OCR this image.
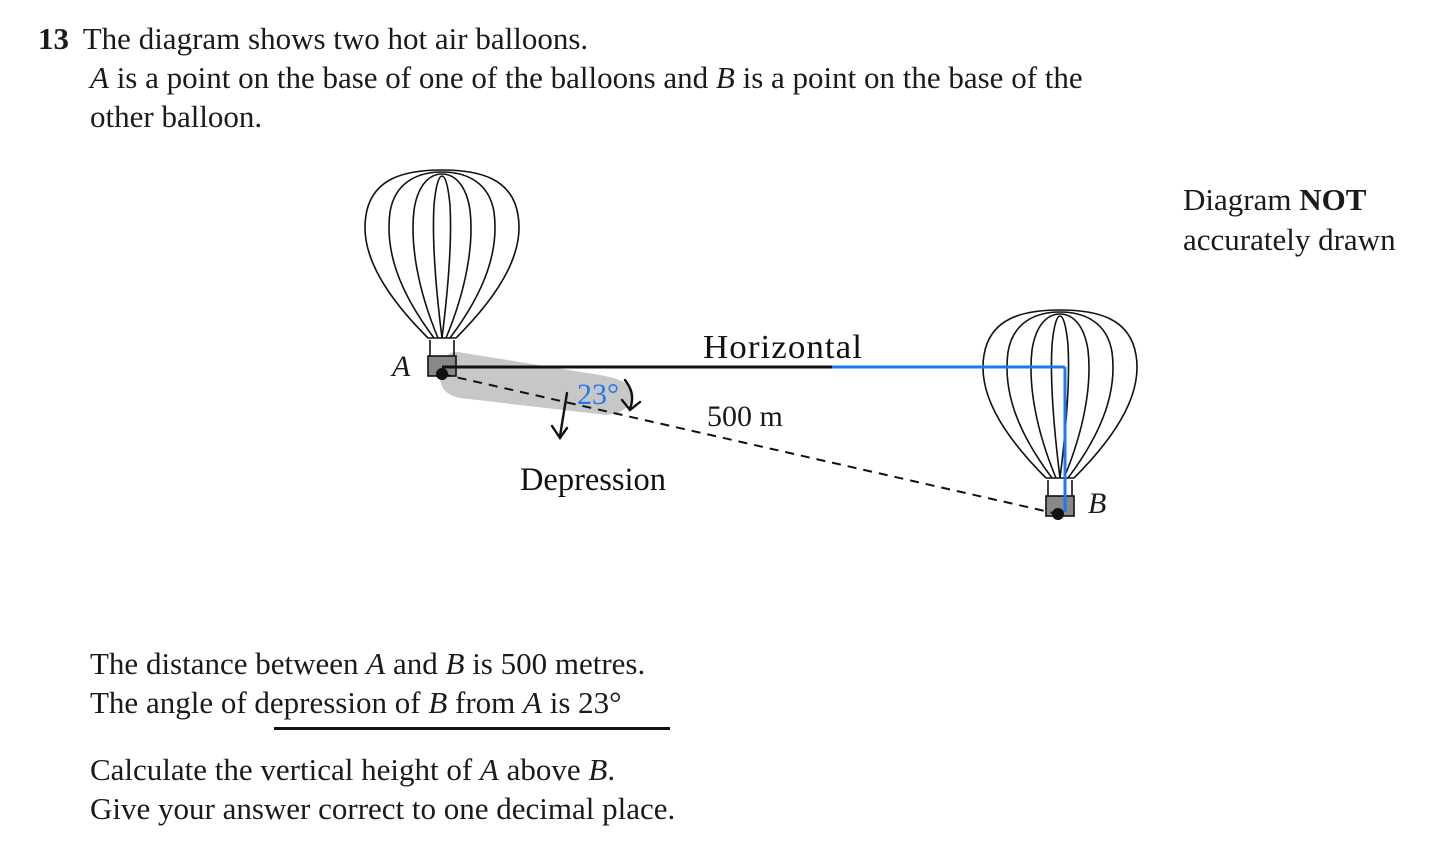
13 The diagram shows two hot air balloons.
A is a point on the base of one of the balloons and B is a point on the base of the
other balloon.
Diagram NOT
accurately drawn
A
B
500 m
Horizontal
23°
Depression
The distance between A and B is 500 metres.
The angle of depression of B from A is 23°
Calculate the vertical height of A above B.
Give your answer correct to one decimal place.
